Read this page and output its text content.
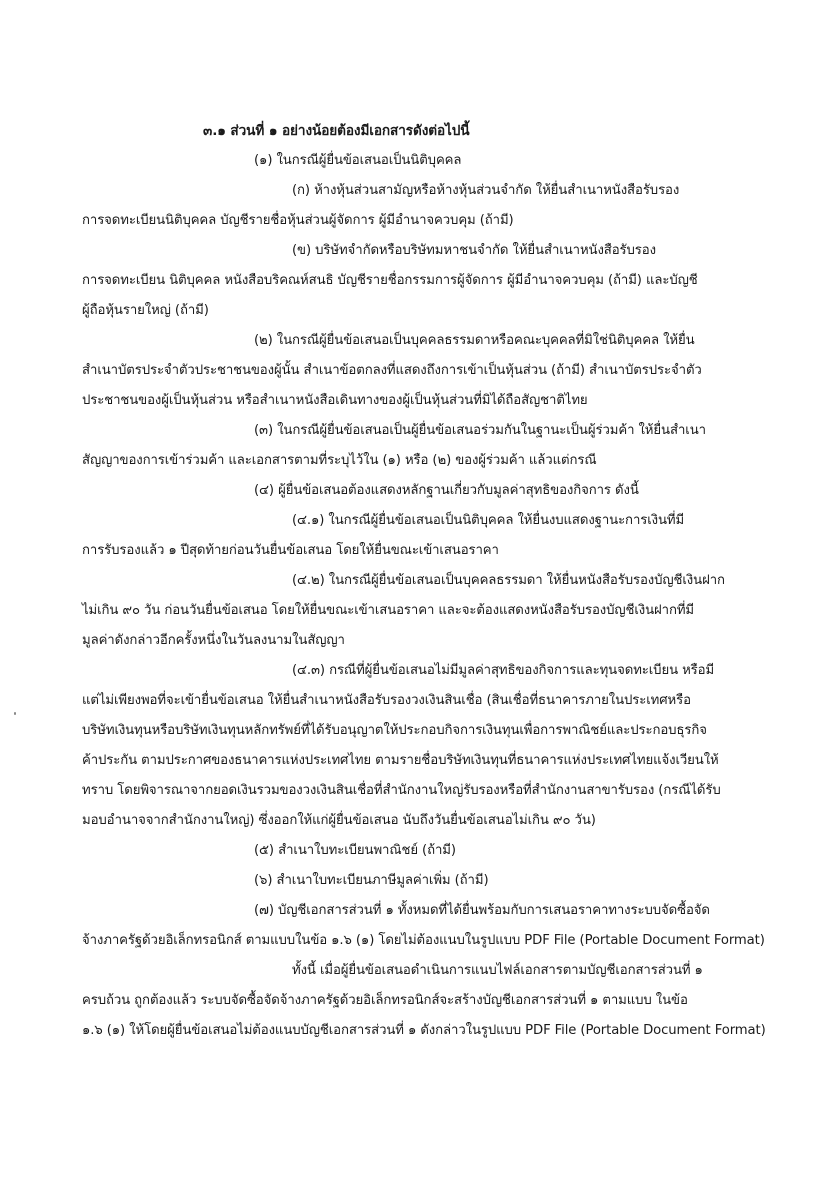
๓.๑ ส่วนที่ ๑ อย่างน้อยต้องมีเอกสารดังต่อไปนี้
(๑) ในกรณีผู้ยื่นข้อเสนอเป็นนิติบุคคล
(ก) ห้างหุ้นส่วนสามัญหรือห้างหุ้นส่วนจำกัด ให้ยื่นสำเนาหนังสือรับรอง
การจดทะเบียนนิติบุคคล บัญชีรายชื่อหุ้นส่วนผู้จัดการ ผู้มีอำนาจควบคุม (ถ้ามี)
(ข) บริษัทจำกัดหรือบริษัทมหาชนจำกัด ให้ยื่นสำเนาหนังสือรับรอง
การจดทะเบียน นิติบุคคล หนังสือบริคณห์สนธิ บัญชีรายชื่อกรรมการผู้จัดการ ผู้มีอำนาจควบคุม (ถ้ามี) และบัญชี
ผู้ถือหุ้นรายใหญ่ (ถ้ามี)
(๒) ในกรณีผู้ยื่นข้อเสนอเป็นบุคคลธรรมดาหรือคณะบุคคลที่มิใช่นิติบุคคล ให้ยื่น
สำเนาบัตรประจำตัวประชาชนของผู้นั้น สำเนาข้อตกลงที่แสดงถึงการเข้าเป็นหุ้นส่วน (ถ้ามี) สำเนาบัตรประจำตัว
ประชาชนของผู้เป็นหุ้นส่วน หรือสำเนาหนังสือเดินทางของผู้เป็นหุ้นส่วนที่มิได้ถือสัญชาติไทย
(๓) ในกรณีผู้ยื่นข้อเสนอเป็นผู้ยื่นข้อเสนอร่วมกันในฐานะเป็นผู้ร่วมค้า ให้ยื่นสำเนา
สัญญาของการเข้าร่วมค้า และเอกสารตามที่ระบุไว้ใน (๑) หรือ (๒) ของผู้ร่วมค้า แล้วแต่กรณี
(๔) ผู้ยื่นข้อเสนอต้องแสดงหลักฐานเกี่ยวกับมูลค่าสุทธิของกิจการ ดังนี้
(๔.๑) ในกรณีผู้ยื่นข้อเสนอเป็นนิติบุคคล ให้ยื่นงบแสดงฐานะการเงินที่มี
การรับรองแล้ว ๑ ปีสุดท้ายก่อนวันยื่นข้อเสนอ โดยให้ยื่นขณะเข้าเสนอราคา
(๔.๒) ในกรณีผู้ยื่นข้อเสนอเป็นบุคคลธรรมดา ให้ยื่นหนังสือรับรองบัญชีเงินฝาก
ไม่เกิน ๙๐ วัน ก่อนวันยื่นข้อเสนอ โดยให้ยื่นขณะเข้าเสนอราคา และจะต้องแสดงหนังสือรับรองบัญชีเงินฝากที่มี
มูลค่าดังกล่าวอีกครั้งหนึ่งในวันลงนามในสัญญา
(๔.๓) กรณีที่ผู้ยื่นข้อเสนอไม่มีมูลค่าสุทธิของกิจการและทุนจดทะเบียน หรือมี
แต่ไม่เพียงพอที่จะเข้ายื่นข้อเสนอ ให้ยื่นสำเนาหนังสือรับรองวงเงินสินเชื่อ (สินเชื่อที่ธนาคารภายในประเทศหรือ
บริษัทเงินทุนหรือบริษัทเงินทุนหลักทรัพย์ที่ได้รับอนุญาตให้ประกอบกิจการเงินทุนเพื่อการพาณิชย์และประกอบธุรกิจ
ค้าประกัน ตามประกาศของธนาคารแห่งประเทศไทย ตามรายชื่อบริษัทเงินทุนที่ธนาคารแห่งประเทศไทยแจ้งเวียนให้
ทราบ โดยพิจารณาจากยอดเงินรวมของวงเงินสินเชื่อที่สำนักงานใหญ่รับรองหรือที่สำนักงานสาขารับรอง (กรณีได้รับ
มอบอำนาจจากสำนักงานใหญ่) ซึ่งออกให้แก่ผู้ยื่นข้อเสนอ นับถึงวันยื่นข้อเสนอไม่เกิน ๙๐ วัน)
(๕) สำเนาใบทะเบียนพาณิชย์ (ถ้ามี)
(๖) สำเนาใบทะเบียนภาษีมูลค่าเพิ่ม (ถ้ามี)
(๗) บัญชีเอกสารส่วนที่ ๑ ทั้งหมดที่ได้ยื่นพร้อมกับการเสนอราคาทางระบบจัดซื้อจัด
จ้างภาครัฐด้วยอิเล็กทรอนิกส์ ตามแบบในข้อ ๑.๖ (๑) โดยไม่ต้องแนบในรูปแบบ PDF File (Portable Document Format)
ทั้งนี้ เมื่อผู้ยื่นข้อเสนอดำเนินการแนบไฟล์เอกสารตามบัญชีเอกสารส่วนที่ ๑
ครบถ้วน ถูกต้องแล้ว ระบบจัดซื้อจัดจ้างภาครัฐด้วยอิเล็กทรอนิกส์จะสร้างบัญชีเอกสารส่วนที่ ๑ ตามแบบ ในข้อ
๑.๖ (๑) ให้โดยผู้ยื่นข้อเสนอไม่ต้องแนบบัญชีเอกสารส่วนที่ ๑ ดังกล่าวในรูปแบบ PDF File (Portable Document Format)
